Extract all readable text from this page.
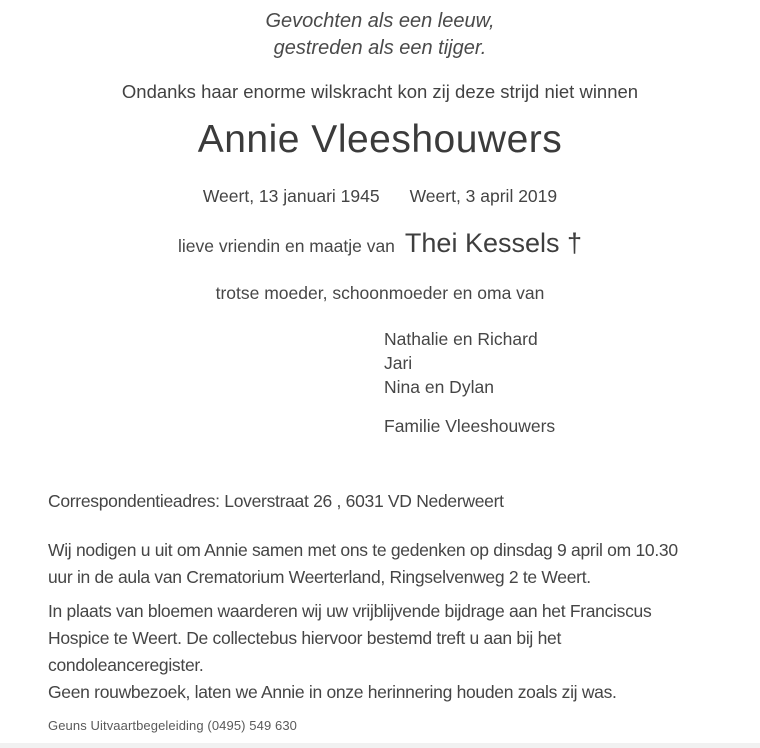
Gevochten als een leeuw,
gestreden als een tijger.
Ondanks haar enorme wilskracht kon zij deze strijd niet winnen
Annie Vleeshouwers
Weert, 13 januari 1945 Weert, 3 april 2019
lieve vriendin en maatje van Thei Kessels †
trotse moeder, schoonmoeder en oma van
Nathalie en Richard
Jari
Nina en Dylan
Familie Vleeshouwers
Correspondentieadres: Loverstraat 26 , 6031 VD Nederweert
Wij nodigen u uit om Annie samen met ons te gedenken op dinsdag 9 april om 10.30 uur in de aula van Crematorium Weerterland, Ringselvenweg 2 te Weert.
In plaats van bloemen waarderen wij uw vrijblijvende bijdrage aan het Franciscus Hospice te Weert. De collectebus hiervoor bestemd treft u aan bij het condoleanceregister.
Geen rouwbezoek, laten we Annie in onze herinnering houden zoals zij was.
Geuns Uitvaartbegeleiding (0495) 549 630
